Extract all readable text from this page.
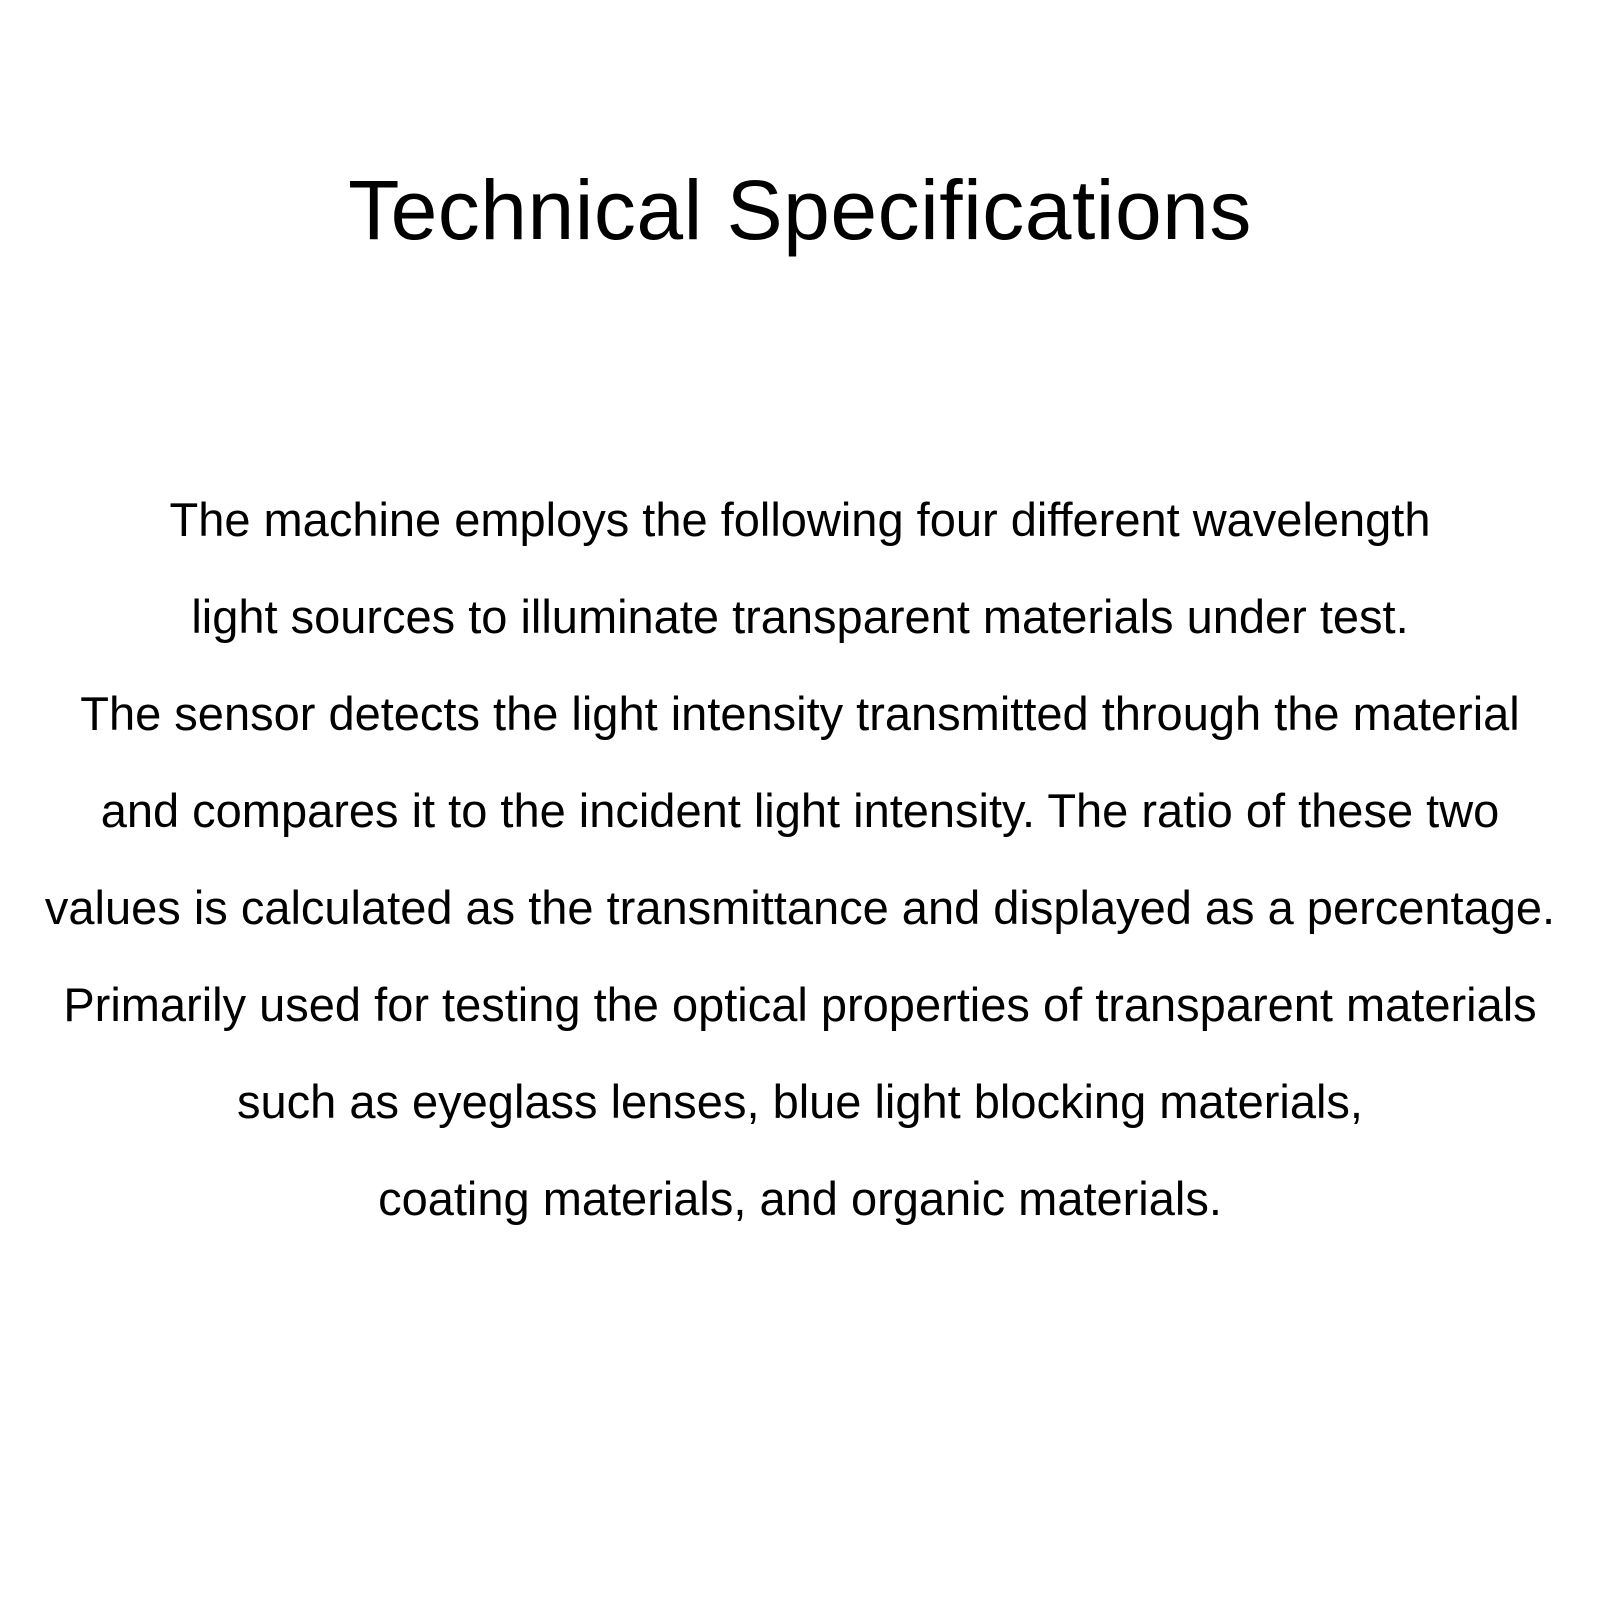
Technical Specifications
The machine employs the following four different wavelength
light sources to illuminate transparent materials under test.
The sensor detects the light intensity transmitted through the material
and compares it to the incident light intensity. The ratio of these two
values is calculated as the transmittance and displayed as a percentage.
Primarily used for testing the optical properties of transparent materials
such as eyeglass lenses, blue light blocking materials,
coating materials, and organic materials.
